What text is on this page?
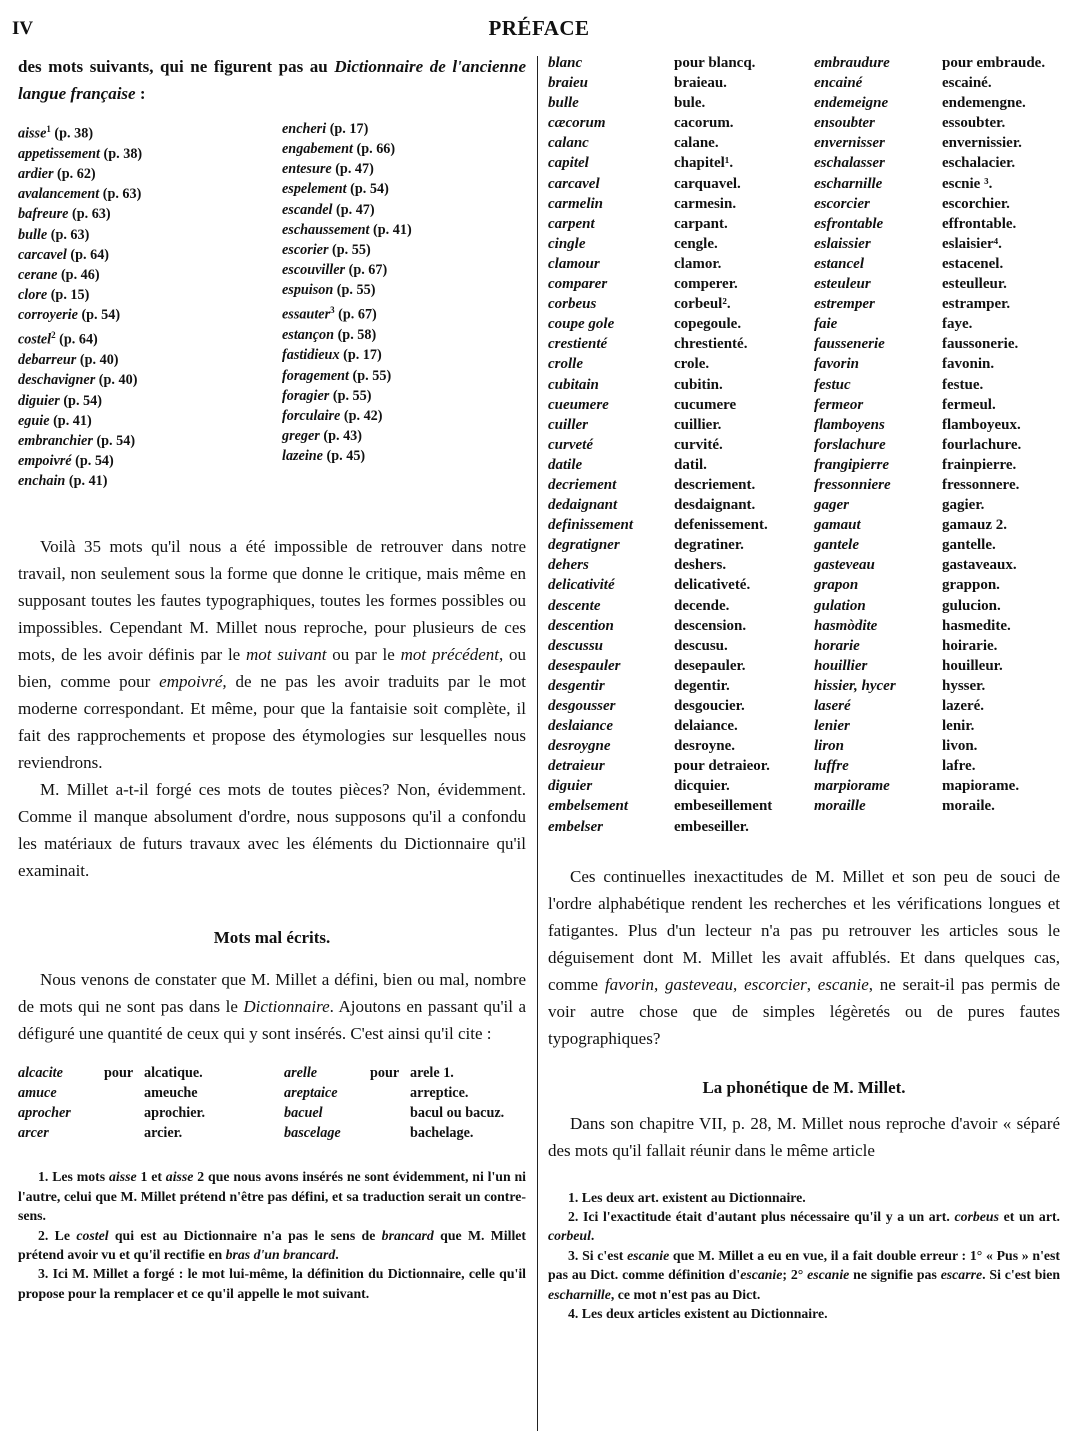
IV	PRÉFACE

des mots suivants, qui ne figurent pas au Dictionnaire de l'ancienne langue française :

aisse$^1$ (p. 38)
appetissement (p. 38)
ardier (p. 62)
avalancement (p. 63)
bafreure (p. 63)
bulle (p. 63)
carcavel (p. 64)
cerane (p. 46)
clore (p. 15)
corroyerie (p. 54)
costel$^2$ (p. 64)
debarreur (p. 40)
deschavigner (p. 40)
diguier (p. 54)
eguie (p. 41)
embranchier (p. 54)
empoivré (p. 54)
enchain (p. 41)
encheri (p. 17)
engabement (p. 66)
entesure (p. 47)
espelement (p. 54)
escandel (p. 47)
eschaussement (p. 41)
escorier (p. 55)
escouviller (p. 67)
espuison (p. 55)
essauter$^3$ (p. 67)
estançon (p. 58)
fastidieux (p. 17)
foragement (p. 55)
foragier (p. 55)
forculaire (p. 42)
greger (p. 43)
lazeine (p. 45)

Voilà 35 mots qu'il nous a été impossible de retrouver dans notre travail, non seulement sous la forme que donne le critique, mais même en supposant toutes les fautes typographiques, toutes les formes possibles ou impossibles. Cependant M. Millet nous reproche, pour plusieurs de ces mots, de les avoir définis par le mot suivant ou par le mot précédent, ou bien, comme pour empoivré, de ne pas les avoir traduits par le mot moderne correspondant. Et même, pour que la fantaisie soit complète, il fait des rapprochements et propose des étymologies sur lesquelles nous reviendrons.

M. Millet a-t-il forgé ces mots de toutes pièces? Non, évidemment. Comme il manque absolument d'ordre, nous supposons qu'il a confondu les matériaux de futurs travaux avec les éléments du Dictionnaire qu'il examinait.

Mots mal écrits.

Nous venons de constater que M. Millet a défini, bien ou mal, nombre de mots qui ne sont pas dans le Dictionnaire. Ajoutons en passant qu'il a défiguré une quantité de ceux qui y sont insérés. C'est ainsi qu'il cite :

alcacite	pour	alcatique.	arelle	pour	arele 1.
amuce		ameuche	areptaice		arreptice.
aprocher		aprochier.	bacuel		bacul ou bacuz.
arcer		arcier.	bascelage		bachelage.

1. Les mots aisse 1 et aisse 2 que nous avons insérés ne sont évidemment, ni l'un ni l'autre, celui que M. Millet prétend n'être pas défini, et sa traduction serait un contre-sens.

2. Le costel qui est au Dictionnaire n'a pas le sens de brancard que M. Millet prétend avoir vu et qu'il rectifie en bras d'un brancard.

3. Ici M. Millet a forgé : le mot lui-même, la définition du Dictionnaire, celle qu'il propose pour la remplacer et ce qu'il appelle le mot suivant.

blanc	pour blancq.	embraudure	pour embraude.
braieu	braieau.	encainé	escainé.
bulle	bule.	endemeigne	endemengne.
cæcorum	cacorum.	ensoubter	essoubter.
calanc	calane.	envernisser	envernissier.
capitel	chapitel¹.	eschalasser	eschalacier.
carcavel	carquavel.	escharnille	escnie ³.
carmelin	carmesin.	escorcier	escorchier.
carpent	carpant.	esfrontable	effrontable.
cingle	cengle.	eslaissier	eslaisier⁴.
clamour	clamor.	estancel	estacenel.
comparer	comperer.	esteuleur	esteulleur.
corbeus	corbeul².	estremper	estramper.
coupe gole	copegoule.	faie	faye.
crestienté	chrestienté.	faussenerie	faussonerie.
crolle	crole.	favorin	favonin.
cubitain	cubitin.	festuc	festue.
cueumere	cucumere	fermeor	fermeul.
cuiller	cuillier.	flamboyens	flamboyeux.
curveté	curvité.	forslachure	fourlachure.
datile	datil.	frangipierre	frainpierre.
decriement	descriement.	fressonniere	fressonnere.
dedaignant	desdaignant.	gager	gagier.
definissement	defenissement.	gamaut	gamauz 2.
degratigner	degratiner.	gantele	gantelle.
dehers	deshers.	gasteveau	gastaveaux.
delicativité	delicativeté.	grapon	grappon.
descente	decende.	gulation	gulucion.
descention	descension.	hasmòdite	hasmedite.
descussu	descusu.	horarie	hoirarie.
desespauler	desepauler.	houillier	houilleur.
desgentir	degentir.	hissier, hycer	hysser.
desgousser	desgoucier.	laseré	lazeré.
deslaiance	delaiance.	lenier	lenir.
desroygne	desroyne.	liron	livon.
detraieur	pour detraieor.	luffre	lafre.
diguier	dicquier.	marpiorame	mapiorame.
embelsement	embeseillement	moraille	moraile.
embelser	embeseiller.		

Ces continuelles inexactitudes de M. Millet et son peu de souci de l'ordre alphabétique rendent les recherches et les vérifications longues et fatigantes. Plus d'un lecteur n'a pas pu retrouver les articles sous le déguisement dont M. Millet les avait affublés. Et dans quelques cas, comme favorin, gasteveau, escorcier, escanie, ne serait-il pas permis de voir autre chose que de simples légèretés ou de pures fautes typographiques?

La phonétique de M. Millet.

Dans son chapitre VII, p. 28, M. Millet nous reproche d'avoir « séparé des mots qu'il fallait réunir dans le même article

1. Les deux art. existent au Dictionnaire.

2. Ici l'exactitude était d'autant plus nécessaire qu'il y a un art. corbeus et un art. corbeul.

3. Si c'est escanie que M. Millet a eu en vue, il a fait double erreur : 1° « Pus » n'est pas au Dict. comme définition d'escanie; 2° escanie ne signifie pas escarre. Si c'est bien escharnille, ce mot n'est pas au Dict.

4. Les deux articles existent au Dictionnaire.
